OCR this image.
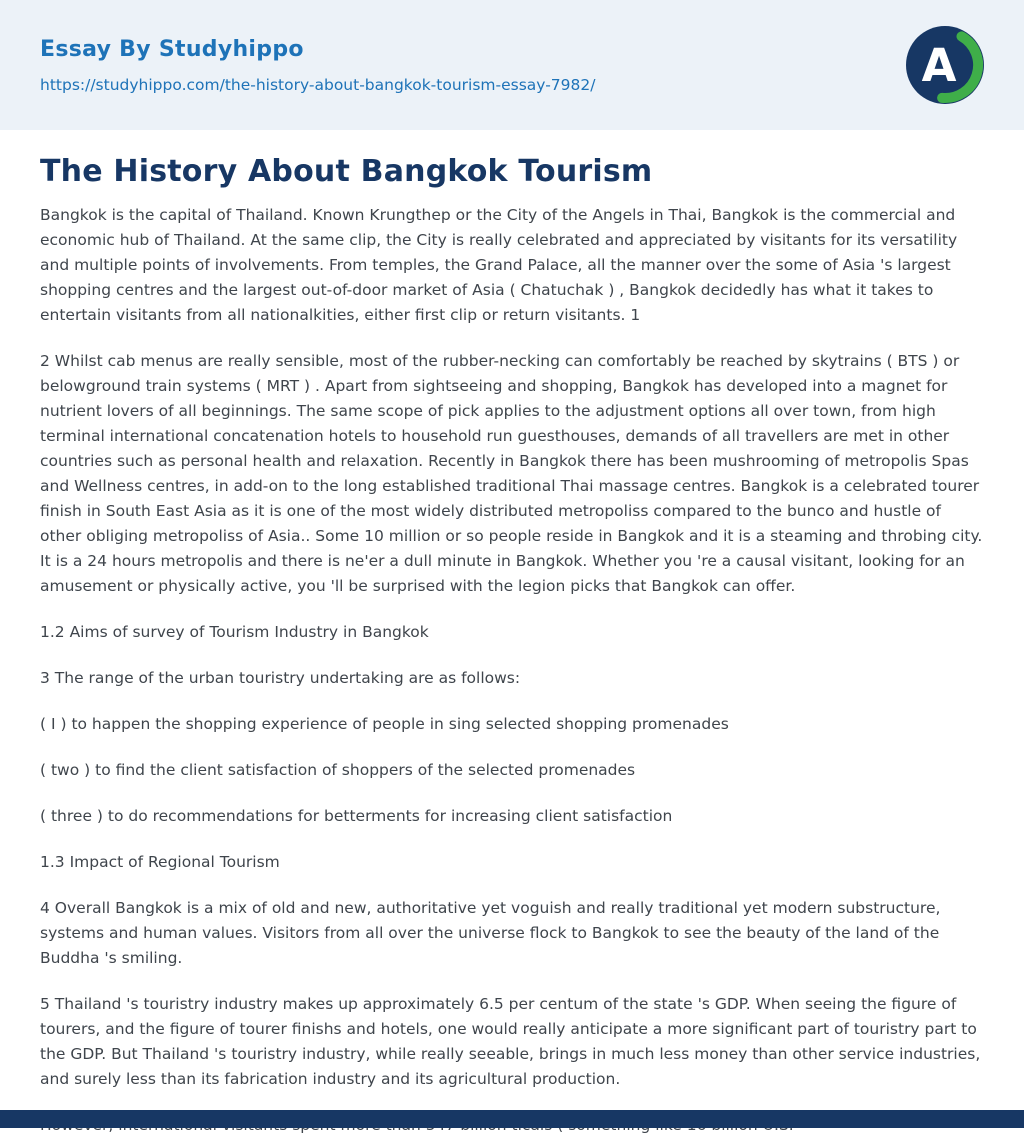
Essay By Studyhippo
https://studyhippo.com/the-history-about-bangkok-tourism-essay-7982/	A
The History About Bangkok Tourism

Bangkok is the capital of Thailand. Known Krungthep or the City of the Angels in Thai, Bangkok is the commercial and economic hub of Thailand. At the same clip, the City is really celebrated and appreciated by visitants for its versatility and multiple points of involvements. From temples, the Grand Palace, all the manner over the some of Asia 's largest shopping centres and the largest out-of-door market of Asia ( Chatuchak ) , Bangkok decidedly has what it takes to entertain visitants from all nationalkities, either first clip or return visitants. 1

2 Whilst cab menus are really sensible, most of the rubber-necking can comfortably be reached by skytrains ( BTS ) or belowground train systems ( MRT ) . Apart from sightseeing and shopping, Bangkok has developed into a magnet for nutrient lovers of all beginnings. The same scope of pick applies to the adjustment options all over town, from high terminal international concatenation hotels to household run guesthouses, demands of all travellers are met in other countries such as personal health and relaxation. Recently in Bangkok there has been mushrooming of metropolis Spas and Wellness centres, in add-on to the long established traditional Thai massage centres. Bangkok is a celebrated tourer finish in South East Asia as it is one of the most widely distributed metropoliss compared to the bunco and hustle of other obliging metropoliss of Asia.. Some 10 million or so people reside in Bangkok and it is a steaming and throbing city. It is a 24 hours metropolis and there is ne'er a dull minute in Bangkok. Whether you 're a causal visitant, looking for an amusement or physically active, you 'll be surprised with the legion picks that Bangkok can offer.

1.2 Aims of survey of Tourism Industry in Bangkok

3 The range of the urban touristry undertaking are as follows:

( I ) to happen the shopping experience of people in sing selected shopping promenades

( two ) to find the client satisfaction of shoppers of the selected promenades

( three ) to do recommendations for betterments for increasing client satisfaction

1.3 Impact of Regional Tourism

4 Overall Bangkok is a mix of old and new, authoritative yet voguish and really traditional yet modern substructure, systems and human values. Visitors from all over the universe flock to Bangkok to see the beauty of the land of the Buddha 's smiling.

5 Thailand 's touristry industry makes up approximately 6.5 per centum of the state 's GDP. When seeing the figure of tourers, and the figure of tourer finishs and hotels, one would really anticipate a more significant part of touristry part to the GDP. But Thailand 's touristry industry, while really seeable, brings in much less money than other service industries, and surely less than its fabrication industry and its agricultural production.
